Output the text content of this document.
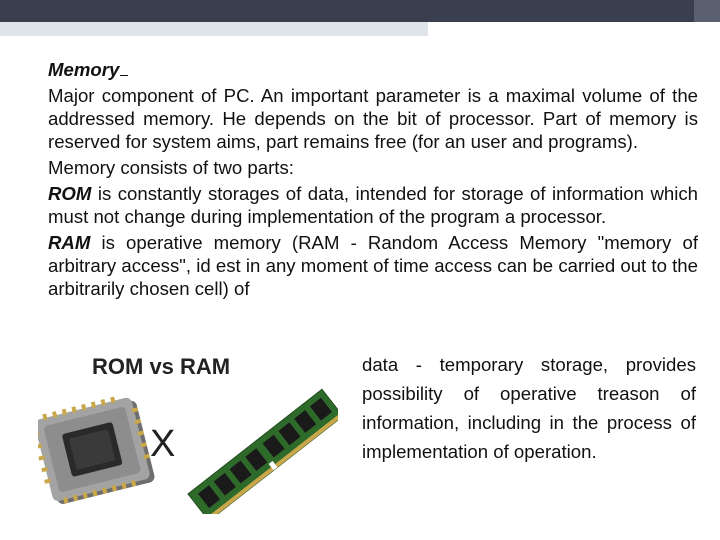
Memory

Major component of PC. An important parameter is a maximal volume of the addressed memory. He depends on the bit of processor. Part of memory is reserved for system aims, part remains free (for an user and programs).

Memory consists of two parts:

ROM is constantly storages of data, intended for storage of information which must not change during implementation of the program a processor.

RAM is operative memory (RAM - Random Access Memory "memory of arbitrary access", id est in any moment of time access can be carried out to the arbitrarily chosen cell) of

data - temporary storage, provides possibility of operative treason of information, including in the process of implementation of operation.

ROM vs RAM
X
